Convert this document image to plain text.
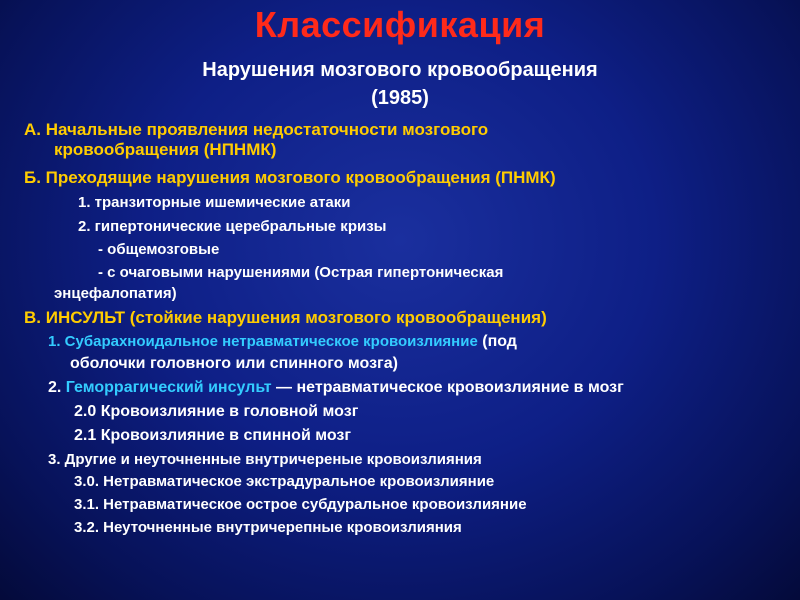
Классификация
Нарушения мозгового кровообращения
(1985)
А. Начальные проявления недостаточности мозгового
кровообращения (НПНМК)
Б. Преходящие нарушения мозгового кровообращения (ПНМК)
1. транзиторные ишемические атаки
2. гипертонические церебральные кризы
- общемозговые
- с очаговыми нарушениями (Острая гипертоническая
энцефалопатия)
В. ИНСУЛЬТ (стойкие нарушения мозгового кровообращения)
1. Субарахноидальное нетравматическое кровоизлияние (под
оболочки головного или спинного мозга)
2. Геморрагический инсульт — нетравматическое кровоизлияние в мозг
2.0 Кровоизлияние в головной мозг
2.1 Кровоизлияние в спинной мозг
3. Другие и неуточненные внутричереные кровоизлияния
3.0. Нетравматическое экстрадуральное кровоизлияние
3.1. Нетравматическое острое субдуральное кровоизлияние
3.2. Неуточненные внутричерепные кровоизлияния
